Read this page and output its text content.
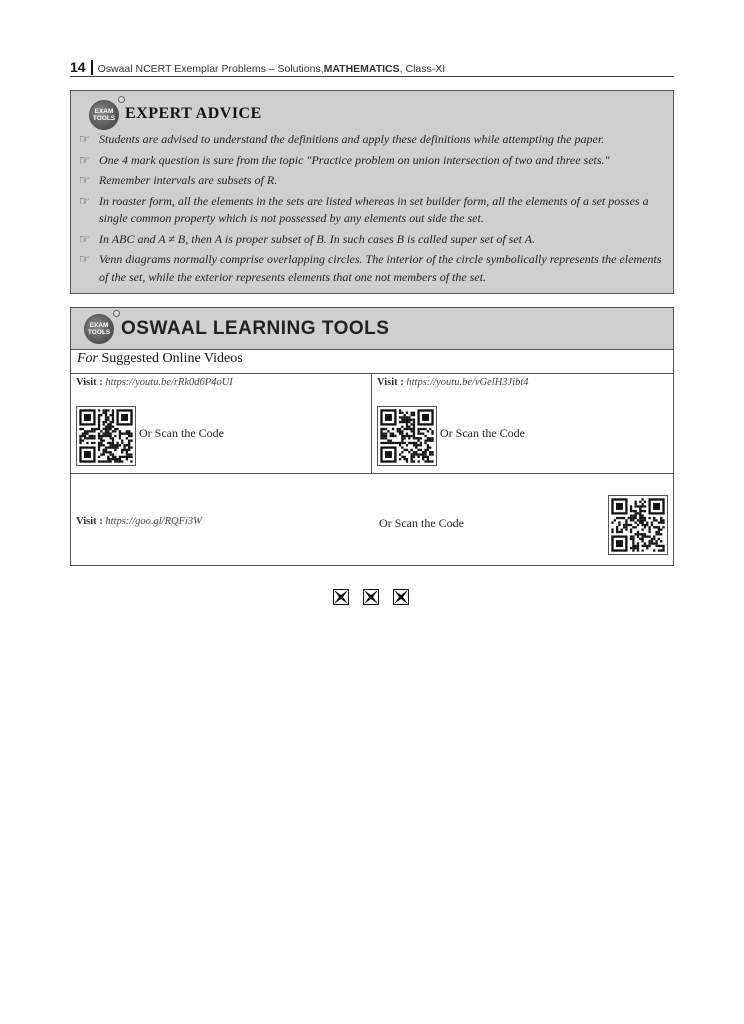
14 Oswaal NCERT Exemplar Problems – Solutions, MATHEMATICS , Class-XI
EXAM
TOOLS EXPERT ADVICE
☞ Students are advised to understand the definitions and apply these definitions while attempting the paper.
☞ One 4 mark question is sure from the topic "Practice problem on union intersection of two and three sets."
☞ Remember intervals are subsets of R.
☞ In roaster form, all the elements in the sets are listed whereas in set builder form, all the elements of a set posses a single common property which is not possessed by any elements out side the set.
☞ In ABC and A ≠ B, then A is proper subset of B. In such cases B is called super set of set A.
☞ Venn diagrams normally comprise overlapping circles. The interior of the circle symbolically represents the elements of the set, while the exterior represents elements that one not members of the set.
EXAM
TOOLS OSWAAL LEARNING TOOLS
For Suggested Online Videos
Visit : https://youtu.be/rRk0d6P4oUI
Or Scan the Code
Visit : https://youtu.be/vGelH3Jibt4
Or Scan the Code
Visit : https://goo.gl/RQFi3W	Or Scan the Code
